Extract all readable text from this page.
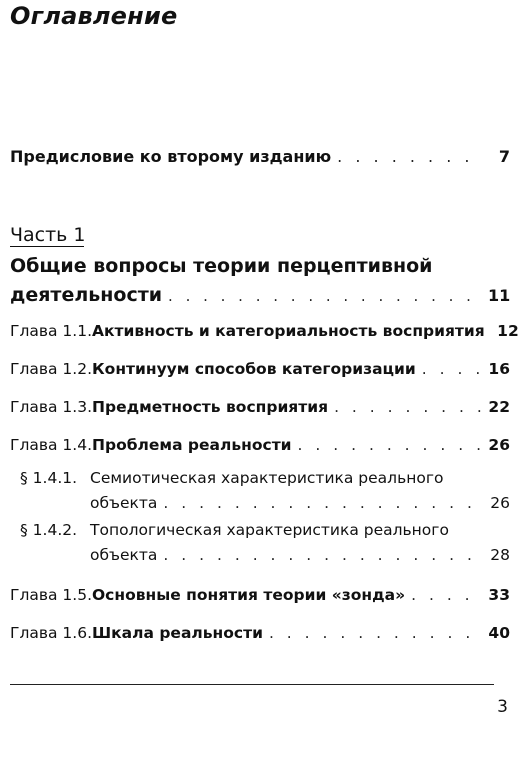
Оглавление
Предисловие ко второму изданию . . .	7
Часть 1
Общие вопросы теории перцептивной
деятельности . . .	11
Глава 1.1. Активность и категориальность восприятия 12
Глава 1.2. Континуум способов категоризации . . .	16
Глава 1.3. Предметность восприятия . . .	22
Глава 1.4. Проблема реальности . . .	26
§ 1.4.1. Семиотическая характеристика реального
объекта . . .	26
§ 1.4.2. Топологическая характеристика реального
объекта . . .	28
Глава 1.5. Основные понятия теории «зонда» . . .	33
Глава 1.6. Шкала реальности . . .	40
3
